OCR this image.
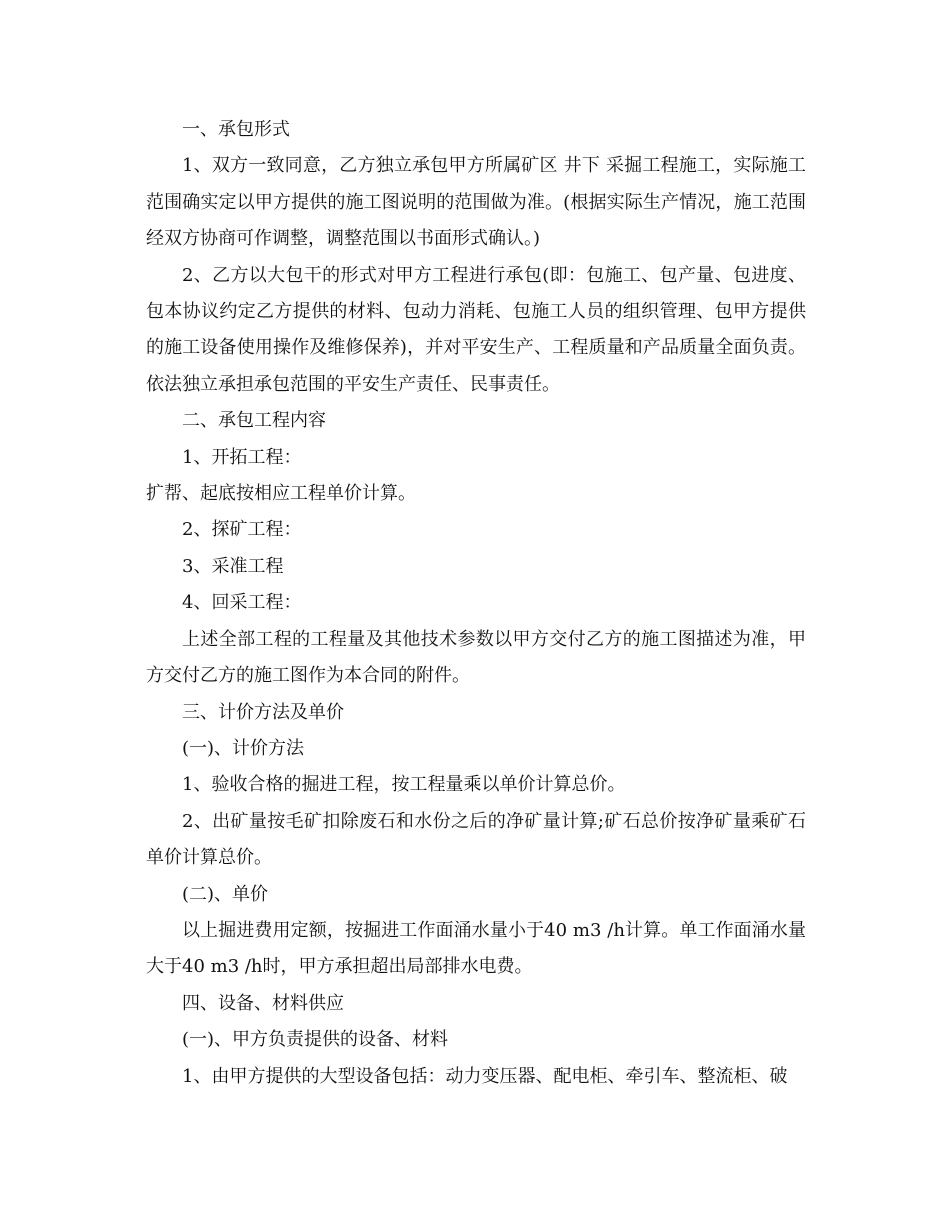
一、承包形式

1、双方一致同意，乙方独立承包甲方所属矿区 井下 采掘工程施工，实际施工范围确实定以甲方提供的施工图说明的范围做为准。(根据实际生产情况，施工范围经双方协商可作调整，调整范围以书面形式确认。)

2、乙方以大包干的形式对甲方工程进行承包(即：包施工、包产量、包进度、包本协议约定乙方提供的材料、包动力消耗、包施工人员的组织管理、包甲方提供的施工设备使用操作及维修保养)，并对平安生产、工程质量和产品质量全面负责。依法独立承担承包范围的平安生产责任、民事责任。

二、承包工程内容

1、开拓工程：

扩帮、起底按相应工程单价计算。

2、探矿工程：

3、采准工程

4、回采工程：

上述全部工程的工程量及其他技术参数以甲方交付乙方的施工图描述为准，甲方交付乙方的施工图作为本合同的附件。

三、计价方法及单价

(一)、计价方法

1、验收合格的掘进工程，按工程量乘以单价计算总价。

2、出矿量按毛矿扣除废石和水份之后的净矿量计算;矿石总价按净矿量乘矿石单价计算总价。

(二)、单价

以上掘进费用定额，按掘进工作面涌水量小于40 m3 /h计算。单工作面涌水量大于40 m3 /h时，甲方承担超出局部排水电费。

四、设备、材料供应

(一)、甲方负责提供的设备、材料

1、由甲方提供的大型设备包括：动力变压器、配电柜、牵引车、整流柜、破
